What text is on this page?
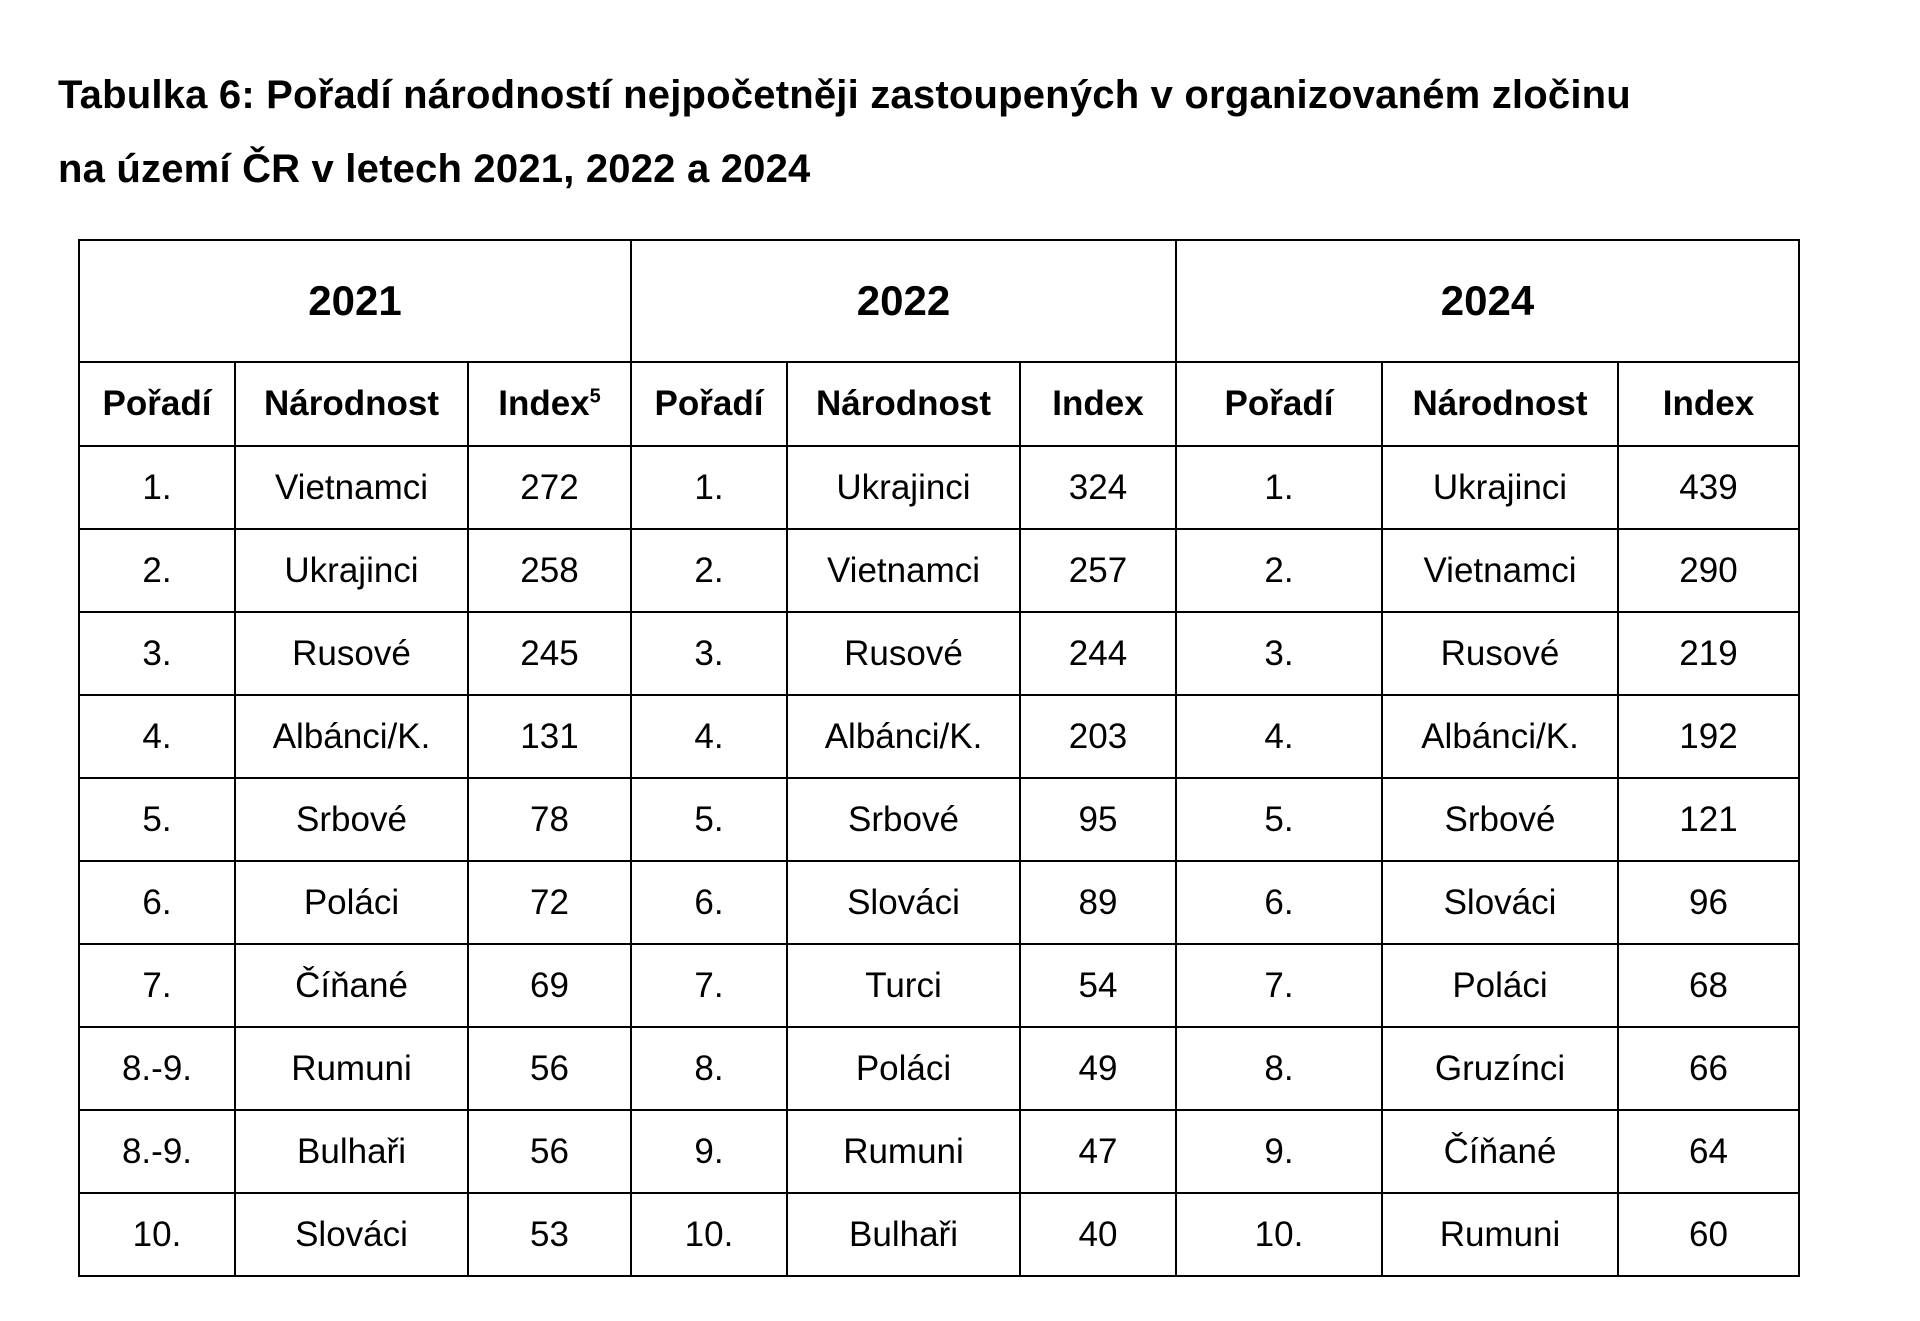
Tabulka 6: Pořadí národností nejpočetněji zastoupených v organizovaném zločinu
na území ČR v letech 2021, 2022 a 2024

2021			2022			2024		
Pořadí	Národnost	Index$^5$	Pořadí	Národnost	Index	Pořadí	Národnost	Index
1.	Vietnamci	272	1.	Ukrajinci	324	1.	Ukrajinci	439
2.	Ukrajinci	258	2.	Vietnamci	257	2.	Vietnamci	290
3.	Rusové	245	3.	Rusové	244	3.	Rusové	219
4.	Albánci/K.	131	4.	Albánci/K.	203	4.	Albánci/K.	192
5.	Srbové	78	5.	Srbové	95	5.	Srbové	121
6.	Poláci	72	6.	Slováci	89	6.	Slováci	96
7.	Číňané	69	7.	Turci	54	7.	Poláci	68
8.-9.	Rumuni	56	8.	Poláci	49	8.	Gruzínci	66
8.-9.	Bulhaři	56	9.	Rumuni	47	9.	Číňané	64
10.	Slováci	53	10.	Bulhaři	40	10.	Rumuni	60
